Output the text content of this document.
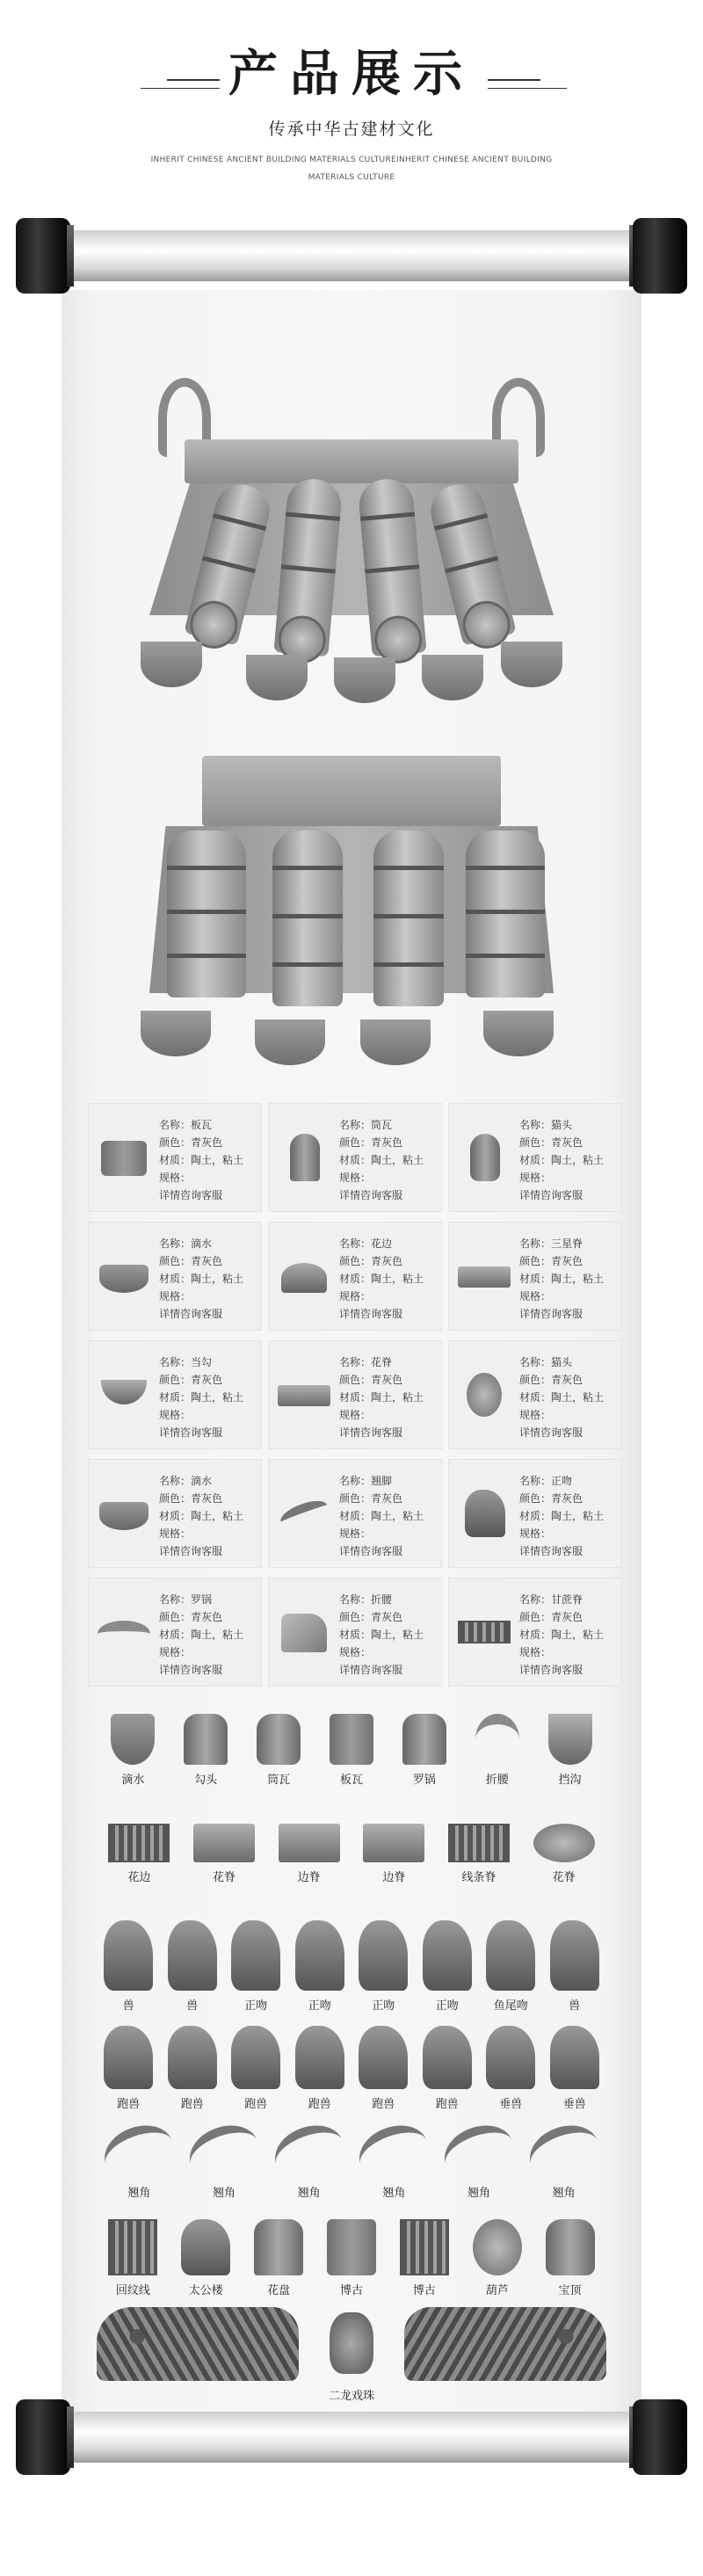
产品展示
传承中华古建材文化
INHERIT CHINESE ANCIENT BUILDING MATERIALS CULTUREINHERIT CHINESE ANCIENT BUILDING MATERIALS CULTURE
名称：板瓦
颜色：青灰色
材质：陶土，粘土
规格：
详情咨询客服
名称：筒瓦
颜色：青灰色
材质：陶土，粘土
规格：
详情咨询客服
名称：猫头
颜色：青灰色
材质：陶土，粘土
规格：
详情咨询客服
名称：滴水
颜色：青灰色
材质：陶土，粘土
规格：
详情咨询客服
名称：花边
颜色：青灰色
材质：陶土，粘土
规格：
详情咨询客服
名称：三星脊
颜色：青灰色
材质：陶土，粘土
规格：
详情咨询客服
名称：当勾
颜色：青灰色
材质：陶土，粘土
规格：
详情咨询客服
名称：花脊
颜色：青灰色
材质：陶土，粘土
规格：
详情咨询客服
名称：猫头
颜色：青灰色
材质：陶土，粘土
规格：
详情咨询客服
名称：滴水
颜色：青灰色
材质：陶土，粘土
规格：
详情咨询客服
名称：翘脚
颜色：青灰色
材质：陶土，粘土
规格：
详情咨询客服
名称：正吻
颜色：青灰色
材质：陶土，粘土
规格：
详情咨询客服
名称：罗锅
颜色：青灰色
材质：陶土，粘土
规格：
详情咨询客服
名称：折腰
颜色：青灰色
材质：陶土，粘土
规格：
详情咨询客服
名称：甘蔗脊
颜色：青灰色
材质：陶土，粘土
规格：
详情咨询客服
滴水	勾头	筒瓦	板瓦	罗锅	折腰	挡沟
花边	花脊	边脊	边脊	线条脊	花脊
兽	兽	正吻	正吻	正吻	正吻	鱼尾吻	兽
跑兽	跑兽	跑兽	跑兽	跑兽	跑兽	垂兽	垂兽
翘角	翘角	翘角	翘角	翘角	翘角
回纹线	太公楼	花盘	博古	博古	葫芦	宝顶
二龙戏珠
